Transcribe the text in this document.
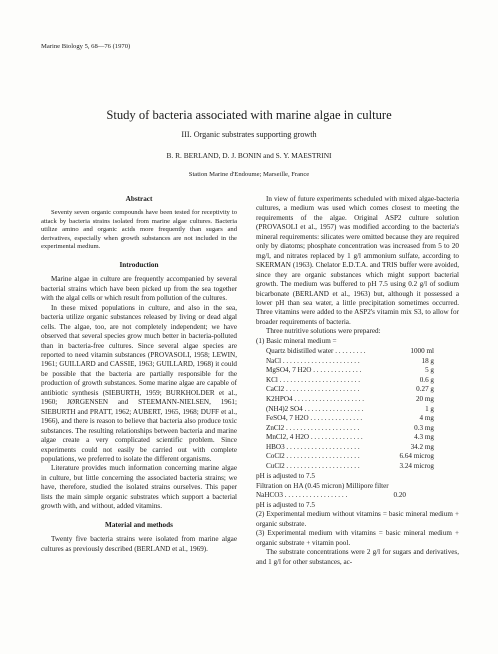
Marine Biology 5, 68—76 (1970)
Study of bacteria associated with marine algae in culture
III. Organic substrates supporting growth
B. R. BERLAND, D. J. BONIN and S. Y. MAESTRINI
Station Marine d'Endoume; Marseille, France
Abstract

Seventy seven organic compounds have been tested for receptivity to attack by bacteria strains isolated from marine algae cultures. Bacteria utilize amino and organic acids more frequently than sugars and derivatives, especially when growth substances are not included in the experimental medium.

Introduction

Marine algae in culture are frequently accompanied by several bacterial strains which have been picked up from the sea together with the algal cells or which result from pollution of the cultures.

In these mixed populations in culture, and also in the sea, bacteria utilize organic substances released by living or dead algal cells. The algae, too, are not completely independent; we have observed that several species grow much better in bacteria-polluted than in bacteria-free cultures. Since several algae species are reported to need vitamin substances (PROVASOLI, 1958; LEWIN, 1961; GUILLARD and CASSIE, 1963; GUILLARD, 1968) it could be possible that the bacteria are partially responsible for the production of growth substances. Some marine algae are capable of antibiotic synthesis (SIEBURTH, 1959; BURKHOLDER et al., 1960; JØRGENSEN and STEEMANN-NIELSEN, 1961; SIEBURTH and PRATT, 1962; AUBERT, 1965, 1968; DUFF et al., 1966), and there is reason to believe that bacteria also produce toxic substances. The resulting relationships between bacteria and marine algae create a very complicated scientific problem. Since experiments could not easily be carried out with complete populations, we preferred to isolate the different organisms.

Literature provides much information concerning marine algae in culture, but little concerning the associated bacteria strains; we have, therefore, studied the isolated strains ourselves. This paper lists the main simple organic substrates which support a bacterial growth with, and without, added vitamins.

Material and methods

Twenty five bacteria strains were isolated from marine algae cultures as previously described (BERLAND et al., 1969).

In view of future experiments scheduled with mixed algae-bacteria cultures, a medium was used which comes closest to meeting the requirements of the algae. Original ASP2 culture solution (PROVASOLI et al., 1957) was modified according to the bacteria's mineral requirements: silicates were omitted because they are required only by diatoms; phosphate concentration was increased from 5 to 20 mg/l, and nitrates replaced by 1 g/l ammonium sulfate, according to SKERMAN (1963). Chelator E.D.T.A. and TRIS buffer were avoided, since they are organic substances which might support bacterial growth. The medium was buffered to pH 7.5 using 0.2 g/l of sodium bicarbonate (BERLAND et al., 1963) but, although it possessed a lower pH than sea water, a little precipitation sometimes occurred. Three vitamins were added to the ASP2's vitamin mix S3, to allow for broader requirements of bacteria.

Three nutritive solutions were prepared:

(1) Basic mineral medium =

Quartz bidistilled water . . . . . . . . .	1000 ml
NaCl . . . . . . . . . . . . . . . . . . . . . .	18 g
MgSO4, 7 H2O . . . . . . . . . . . . . .	5 g
KCl . . . . . . . . . . . . . . . . . . . . . . .	0.6 g
CaCl2 . . . . . . . . . . . . . . . . . . . . .	0.27 g
K2HPO4 . . . . . . . . . . . . . . . . . . . .	20 mg
(NH4)2 SO4 . . . . . . . . . . . . . . . . .	1 g
FeSO4, 7 H2O . . . . . . . . . . . . . . .	4 mg
ZnCl2 . . . . . . . . . . . . . . . . . . . . .	0.3 mg
MnCl2, 4 H2O . . . . . . . . . . . . . . .	4.3 mg
HBO3 . . . . . . . . . . . . . . . . . . . . .	34.2 mg
CoCl2 . . . . . . . . . . . . . . . . . . . . .	6.64 microg
CuCl2 . . . . . . . . . . . . . . . . . . . . .	3.24 microg

pH is adjusted to 7.5

Filtration on HA (0.45 micron) Millipore filter

NaHCO3 . . . . . . . . . . . . . . . . . .	0.20

pH is adjusted to 7.5

(2) Experimental medium without vitamins = basic mineral medium + organic substrate.

(3) Experimental medium with vitamins = basic mineral medium + organic substrate + vitamin pool.

The substrate concentrations were 2 g/l for sugars and derivatives, and 1 g/l for other substances, ac-
